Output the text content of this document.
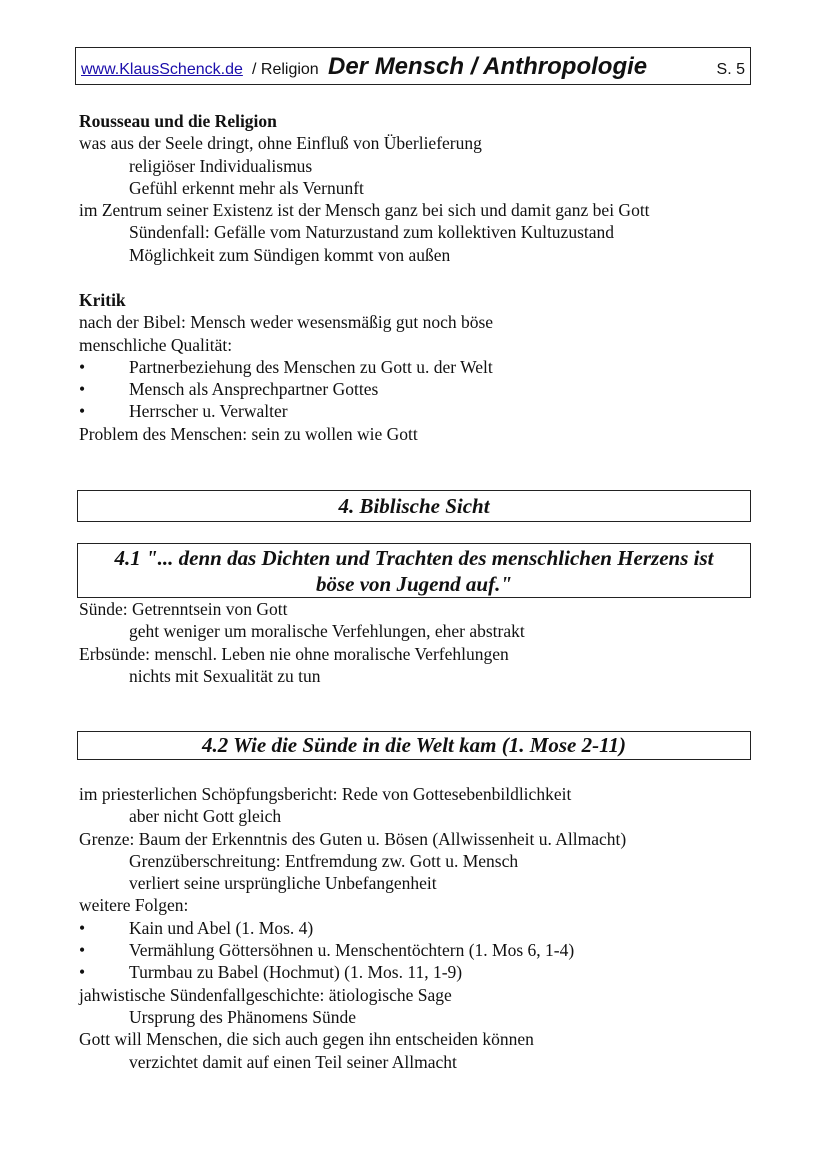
www.KlausSchenck.de / Religion Der Mensch / Anthropologie	S. 5
Rousseau und die Religion
was aus der Seele dringt, ohne Einfluß von Überlieferung
religiöser Individualismus
Gefühl erkennt mehr als Vernunft
im Zentrum seiner Existenz ist der Mensch ganz bei sich und damit ganz bei Gott
Sündenfall: Gefälle vom Naturzustand zum kollektiven Kultuzustand
Möglichkeit zum Sündigen kommt von außen
Kritik
nach der Bibel: Mensch weder wesensmäßig gut noch böse
menschliche Qualität:
•	Partnerbeziehung des Menschen zu Gott u. der Welt
•	Mensch als Ansprechpartner Gottes
•	Herrscher u. Verwalter
Problem des Menschen: sein zu wollen wie Gott
4. Biblische Sicht
4.1 "... denn das Dichten und Trachten des menschlichen Herzens ist
böse von Jugend auf."
Sünde: Getrenntsein von Gott
geht weniger um moralische Verfehlungen, eher abstrakt
Erbsünde: menschl. Leben nie ohne moralische Verfehlungen
nichts mit Sexualität zu tun
4.2 Wie die Sünde in die Welt kam (1. Mose 2-11)
im priesterlichen Schöpfungsbericht: Rede von Gottesebenbildlichkeit
aber nicht Gott gleich
Grenze: Baum der Erkenntnis des Guten u. Bösen (Allwissenheit u. Allmacht)
Grenzüberschreitung: Entfremdung zw. Gott u. Mensch
verliert seine ursprüngliche Unbefangenheit
weitere Folgen:
•	Kain und Abel (1. Mos. 4)
•	Vermählung Göttersöhnen u. Menschentöchtern (1. Mos 6, 1-4)
•	Turmbau zu Babel (Hochmut) (1. Mos. 11, 1-9)
jahwistische Sündenfallgeschichte: ätiologische Sage
Ursprung des Phänomens Sünde
Gott will Menschen, die sich auch gegen ihn entscheiden können
verzichtet damit auf einen Teil seiner Allmacht
